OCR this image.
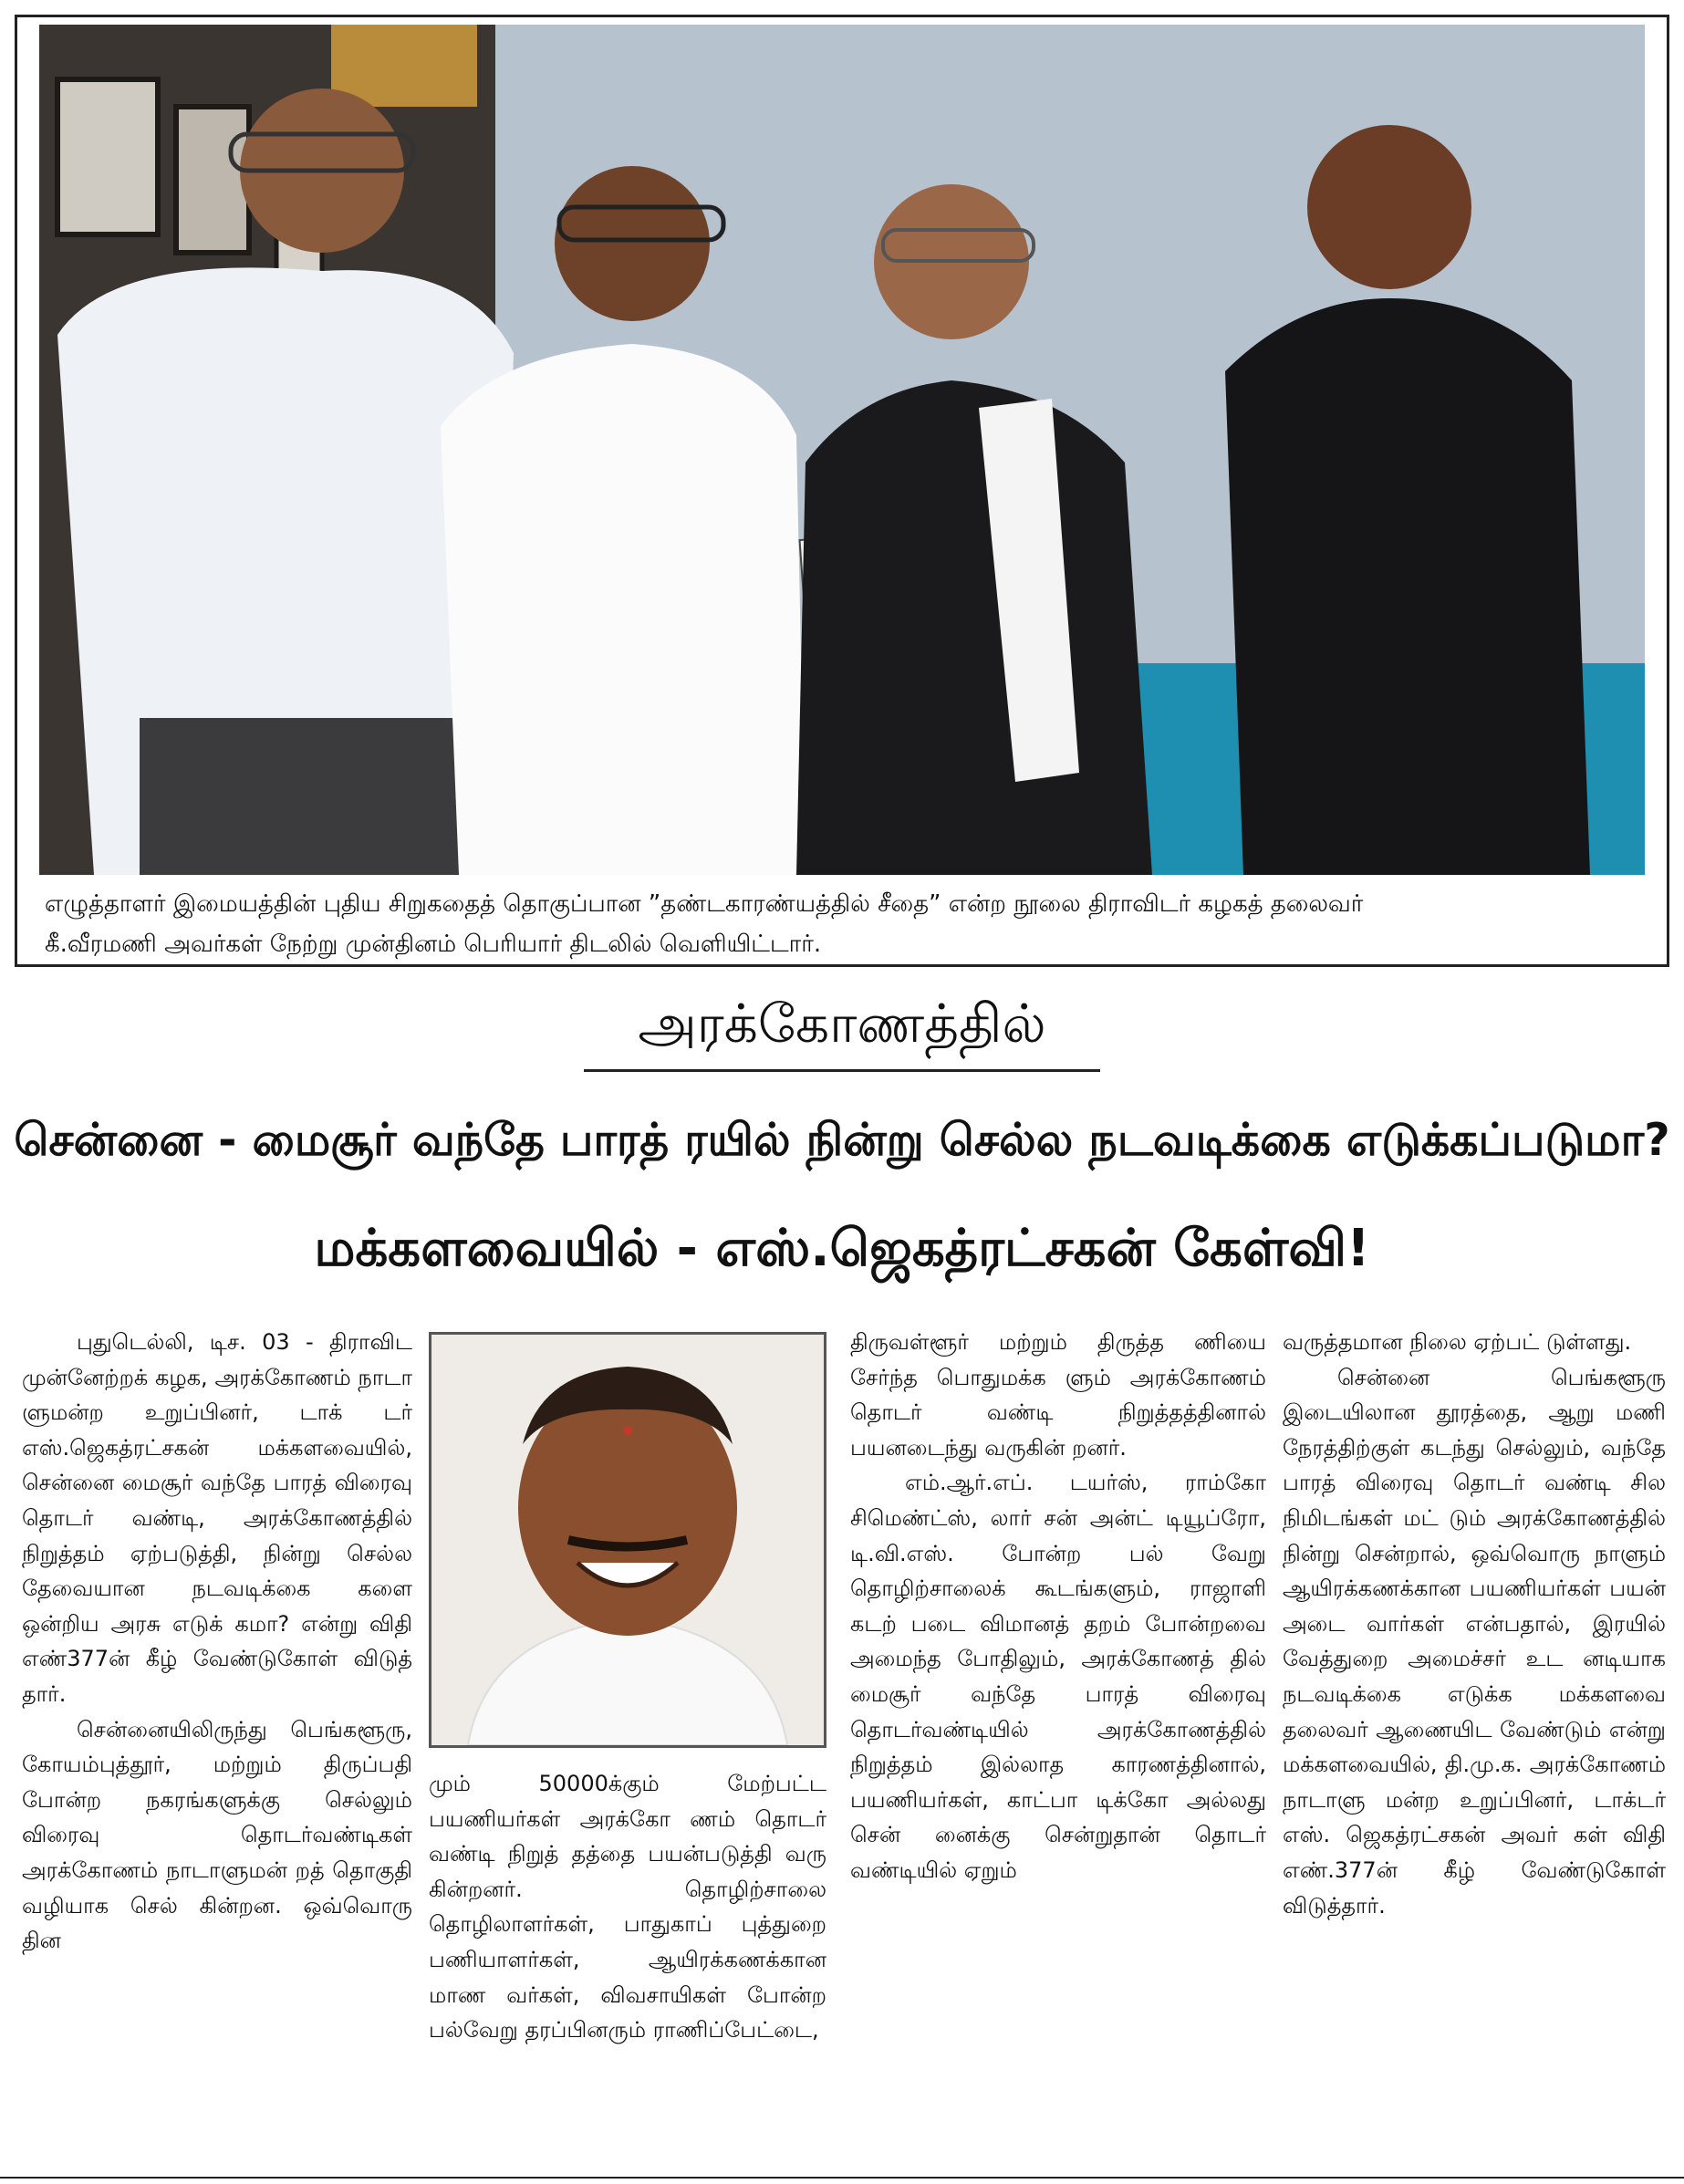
எழுத்தாளர் இமையத்தின் புதிய சிறுகதைத் தொகுப்பான ”தண்டகாரண்யத்தில் சீதை” என்ற நூலை திராவிடர் கழகத் தலைவர்
கீ.வீரமணி அவர்கள் நேற்று முன்தினம் பெரியார் திடலில் வெளியிட்டார்.
அரக்கோணத்தில்
சென்னை - மைசூர் வந்தே பாரத் ரயில் நின்று செல்ல நடவடிக்கை எடுக்கப்படுமா?
மக்களவையில் - எஸ்.ஜெகத்ரட்சகன் கேள்வி!

புதுடெல்லி, டிச. 03 - திராவிட முன்னேற்றக் கழக, அரக்கோணம் நாடா ளுமன்ற உறுப்பினர், டாக் டர் எஸ்.ஜெகத்ரட்சகன் மக்களவையில், சென்னை மைசூர் வந்தே பாரத் விரைவு தொடர் வண்டி, அரக்கோணத்தில் நிறுத்தம் ஏற்படுத்தி, நின்று செல்ல தேவையான நடவடிக்கை களை ஒன்றிய அரசு எடுக் கமா? என்று விதி எண்377ன் கீழ் வேண்டுகோள் விடுத் தார்.

சென்னையிலிருந்து பெங்களூரு, கோயம்புத்தூர், மற்றும் திருப்பதி போன்ற நகரங்களுக்கு செல்லும் விரைவு தொடர்வண்டிகள் அரக்கோணம் நாடாளுமன் றத் தொகுதி வழியாக செல் கின்றன. ஒவ்வொரு தின

மும் 50000க்கும் மேற்பட்ட பயணியர்கள் அரக்கோ ணம் தொடர் வண்டி நிறுத் தத்தை பயன்படுத்தி வரு கின்றனர். தொழிற்சாலை தொழிலாளர்கள், பாதுகாப் புத்துறை பணியாளர்கள், ஆயிரக்கணக்கான மாண வர்கள், விவசாயிகள் போன்ற பல்வேறு தரப்பினரும் ராணிப்பேட்டை,

திருவள்ளூர் மற்றும் திருத்த ணியை சேர்ந்த பொதுமக்க ளும் அரக்கோணம் தொடர் வண்டி நிறுத்தத்தினால் பயனடைந்து வருகின் றனர்.

எம்.ஆர்.எப். டயர்ஸ், ராம்கோ சிமெண்ட்ஸ், லார் சன் அன்ட் டியூப்ரோ, டி.வி.எஸ். போன்ற பல் வேறு தொழிற்சாலைக் கூடங்களும், ராஜாளி கடற் படை விமானத் தறம் போன்றவை அமைந்த போதிலும், அரக்கோணத் தில் மைசூர் வந்தே பாரத் விரைவு தொடர்வண்டியில் அரக்கோணத்தில் நிறுத்தம் இல்லாத காரணத்தினால், பயணியர்கள், காட்பா டிக்கோ அல்லது சென் னைக்கு சென்றுதான் தொடர் வண்டியில் ஏறும்

வருத்தமான நிலை ஏற்பட் டுள்ளது.

சென்னை பெங்களூரு இடையிலான தூரத்தை, ஆறு மணி நேரத்திற்குள் கடந்து செல்லும், வந்தே பாரத் விரைவு தொடர் வண்டி சில நிமிடங்கள் மட் டும் அரக்கோணத்தில் நின்று சென்றால், ஒவ்வொரு நாளும் ஆயிரக்கணக்கான பயணியர்கள் பயன் அடை வார்கள் என்பதால், இரயில் வேத்துறை அமைச்சர் உட னடியாக நடவடிக்கை எடுக்க மக்களவை தலைவர் ஆணையிட வேண்டும் என்று மக்களவையில், தி.மு.க. அரக்கோணம் நாடாளு மன்ற உறுப்பினர், டாக்டர் எஸ். ஜெகத்ரட்சகன் அவர் கள் விதி எண்.377ன் கீழ் வேண்டுகோள் விடுத்தார்.
